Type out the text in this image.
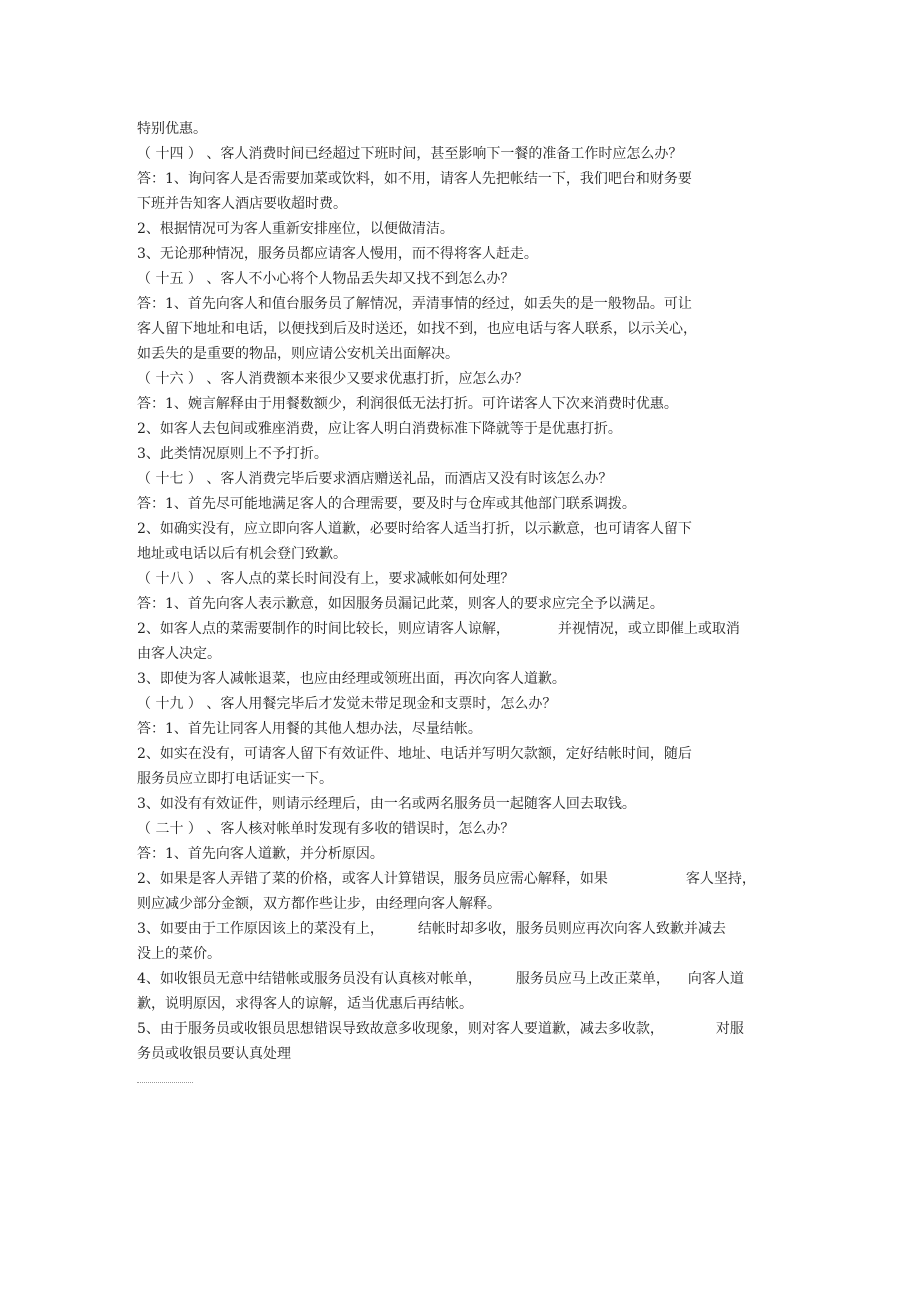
特别优惠。
（ 十四 ） 、客人消费时间已经超过下班时间，甚至影响下一餐的准备工作时应怎么办？
答：1、询问客人是否需要加菜或饮料，如不用，请客人先把帐结一下，我们吧台和财务要
下班并告知客人酒店要收超时费。
2、根据情况可为客人重新安排座位，以便做清洁。
3、无论那种情况，服务员都应请客人慢用，而不得将客人赶走。
（ 十五 ） 、客人不小心将个人物品丢失却又找不到怎么办？
答：1、首先向客人和值台服务员了解情况，弄清事情的经过，如丢失的是一般物品。可让
客人留下地址和电话，以便找到后及时送还，如找不到，也应电话与客人联系，以示关心，
如丢失的是重要的物品，则应请公安机关出面解决。
（ 十六 ） 、客人消费额本来很少又要求优惠打折，应怎么办？
答：1、婉言解释由于用餐数额少，利润很低无法打折。可许诺客人下次来消费时优惠。
2、如客人去包间或雅座消费，应让客人明白消费标准下降就等于是优惠打折。
3、此类情况原则上不予打折。
（ 十七 ） 、客人消费完毕后要求酒店赠送礼品，而酒店又没有时该怎么办？
答：1、首先尽可能地满足客人的合理需要，要及时与仓库或其他部门联系调拨。
2、如确实没有，应立即向客人道歉，必要时给客人适当打折，以示歉意，也可请客人留下
地址或电话以后有机会登门致歉。
（ 十八 ） 、客人点的菜长时间没有上，要求减帐如何处理？
答：1、首先向客人表示歉意，如因服务员漏记此菜，则客人的要求应完全予以满足。
2、如客人点的菜需要制作的时间比较长，则应请客人谅解，	并视情况，或立即催上或取消
由客人决定。
3、即使为客人减帐退菜，也应由经理或领班出面，再次向客人道歉。
（ 十九 ） 、客人用餐完毕后才发觉未带足现金和支票时，怎么办？
答：1、首先让同客人用餐的其他人想办法，尽量结帐。
2、如实在没有，可请客人留下有效证件、地址、电话并写明欠款额，定好结帐时间，随后
服务员应立即打电话证实一下。
3、如没有有效证件，则请示经理后，由一名或两名服务员一起随客人回去取钱。
（ 二十 ） 、客人核对帐单时发现有多收的错误时，怎么办？
答：1、首先向客人道歉，并分析原因。
2、如果是客人弄错了菜的价格，或客人计算错误，服务员应需心解释，如果	客人坚持，
则应减少部分金额，双方都作些让步，由经理向客人解释。
3、如要由于工作原因该上的菜没有上， 结帐时却多收，服务员则应再次向客人致歉并减去
没上的菜价。
4、如收银员无意中结错帐或服务员没有认真核对帐单， 服务员应马上改正菜单， 向客人道
歉，说明原因，求得客人的谅解，适当优惠后再结帐。
5、由于服务员或收银员思想错误导致故意多收现象，则对客人要道歉，减去多收款，	对服
务员或收银员要认真处理
